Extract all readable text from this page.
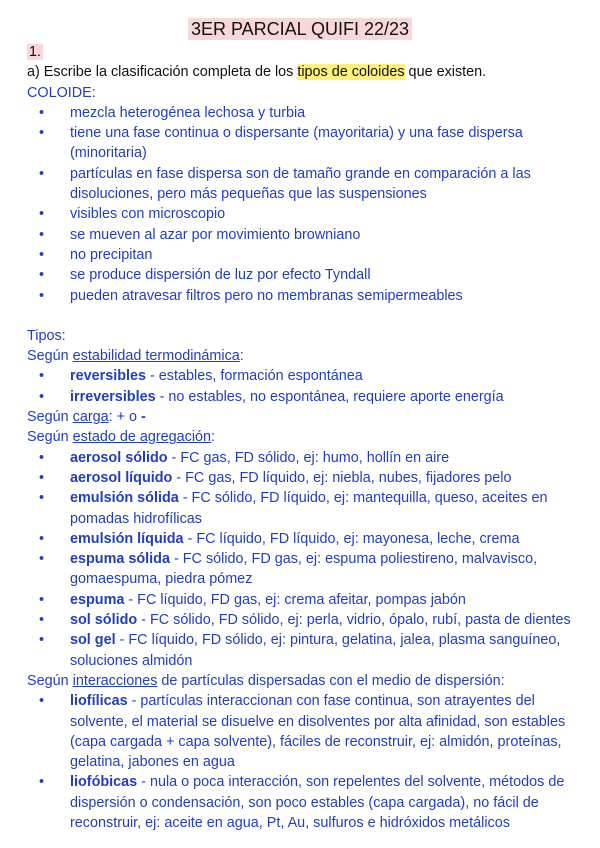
3ER PARCIAL QUIFI 22/23
1.
a) Escribe la clasificación completa de los tipos de coloides que existen.
COLOIDE:
• mezcla heterogénea lechosa y turbia
• tiene una fase continua o dispersante (mayoritaria) y una fase dispersa (minoritaria)
• partículas en fase dispersa son de tamaño grande en comparación a las disoluciones, pero más pequeñas que las suspensiones
• visibles con microscopio
• se mueven al azar por movimiento browniano
• no precipitan
• se produce dispersión de luz por efecto Tyndall
• pueden atravesar filtros pero no membranas semipermeables
Tipos:
Según estabilidad termodinámica:
• reversibles - estables, formación espontánea
• irreversibles - no estables, no espontánea, requiere aporte energía
Según carga: + o -
Según estado de agregación:
• aerosol sólido - FC gas, FD sólido, ej: humo, hollín en aire
• aerosol líquido - FC gas, FD líquido, ej: niebla, nubes, fijadores pelo
• emulsión sólida - FC sólido, FD líquido, ej: mantequilla, queso, aceites en pomadas hidrofílicas
• emulsión líquida - FC líquido, FD líquido, ej: mayonesa, leche, crema
• espuma sólida - FC sólido, FD gas, ej: espuma poliestireno, malvavisco, gomaespuma, piedra pómez
• espuma - FC líquido, FD gas, ej: crema afeitar, pompas jabón
• sol sólido - FC sólido, FD sólido, ej: perla, vidrio, ópalo, rubí, pasta de dientes
• sol gel - FC líquido, FD sólido, ej: pintura, gelatina, jalea, plasma sanguíneo, soluciones almidón
Según interacciones de partículas dispersadas con el medio de dispersión:
• liofílicas - partículas interaccionan con fase continua, son atrayentes del solvente, el material se disuelve en disolventes por alta afinidad, son estables (capa cargada + capa solvente), fáciles de reconstruir, ej: almidón, proteínas, gelatina, jabones en agua
• liofóbicas - nula o poca interacción, son repelentes del solvente, métodos de dispersión o condensación, son poco estables (capa cargada), no fácil de reconstruir, ej: aceite en agua, Pt, Au, sulfuros e hidróxidos metálicos
